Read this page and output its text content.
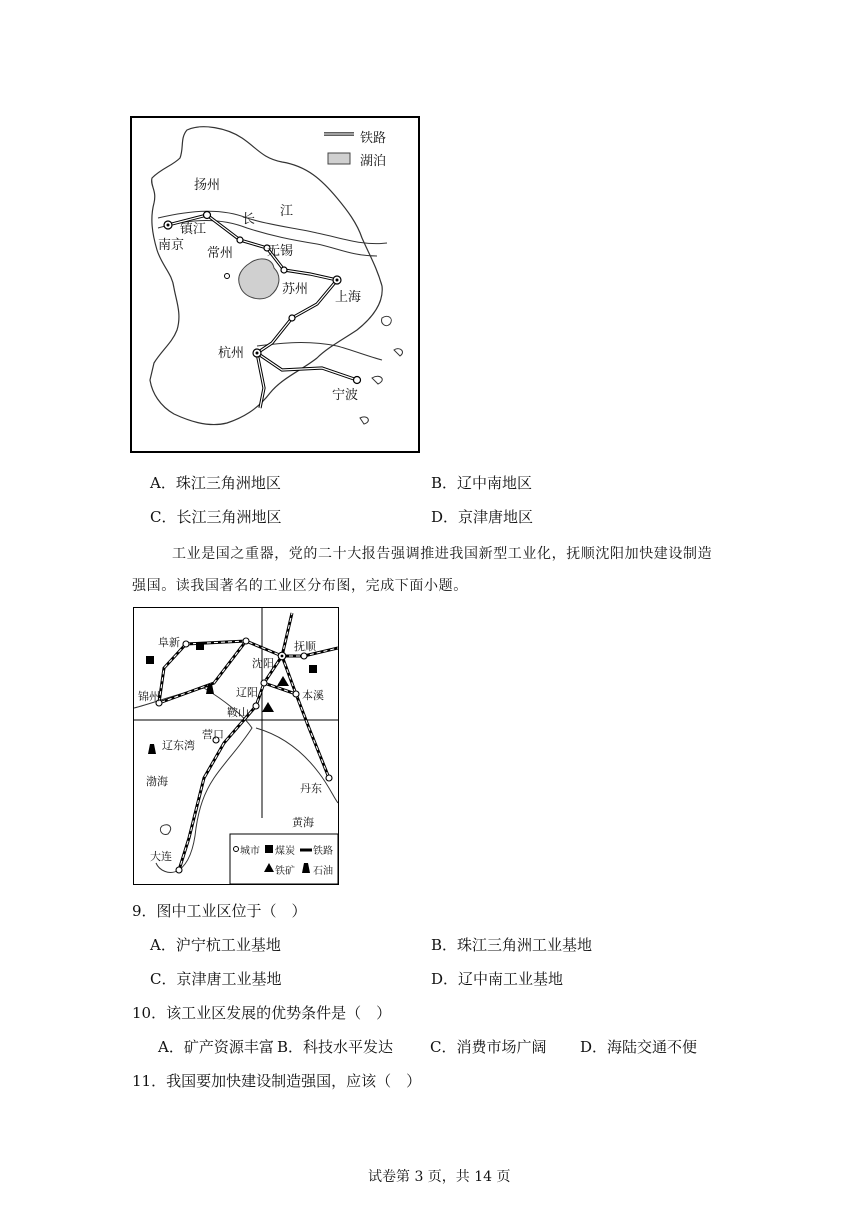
铁路
湖泊
扬州
镇江
南京
长
江
常州	无锡
苏州
上海
杭州
宁波
A．珠江三角洲地区	B．辽中南地区
C．长江三角洲地区	D．京津唐地区
工业是国之重器，党的二十大报告强调推进我国新型工业化，抚顺沈阳加快建设制造
强国。读我国著名的工业区分布图，完成下面小题。
阜新	抚顺
沈阳
锦州	辽阳	本溪
鞍山
营口
辽东湾
渤海
丹东
黄海
大连	城市 煤炭 铁路
铁矿 石油
9．图中工业区位于（　）
A．沪宁杭工业基地	B．珠江三角洲工业基地
C．京津唐工业基地	D．辽中南工业基地
10．该工业区发展的优势条件是（　）
A．矿产资源丰富 B．科技水平发达 C．消费市场广阔 D．海陆交通不便
11．我国要加快建设制造强国，应该（　）
试卷第 3 页，共 14 页
